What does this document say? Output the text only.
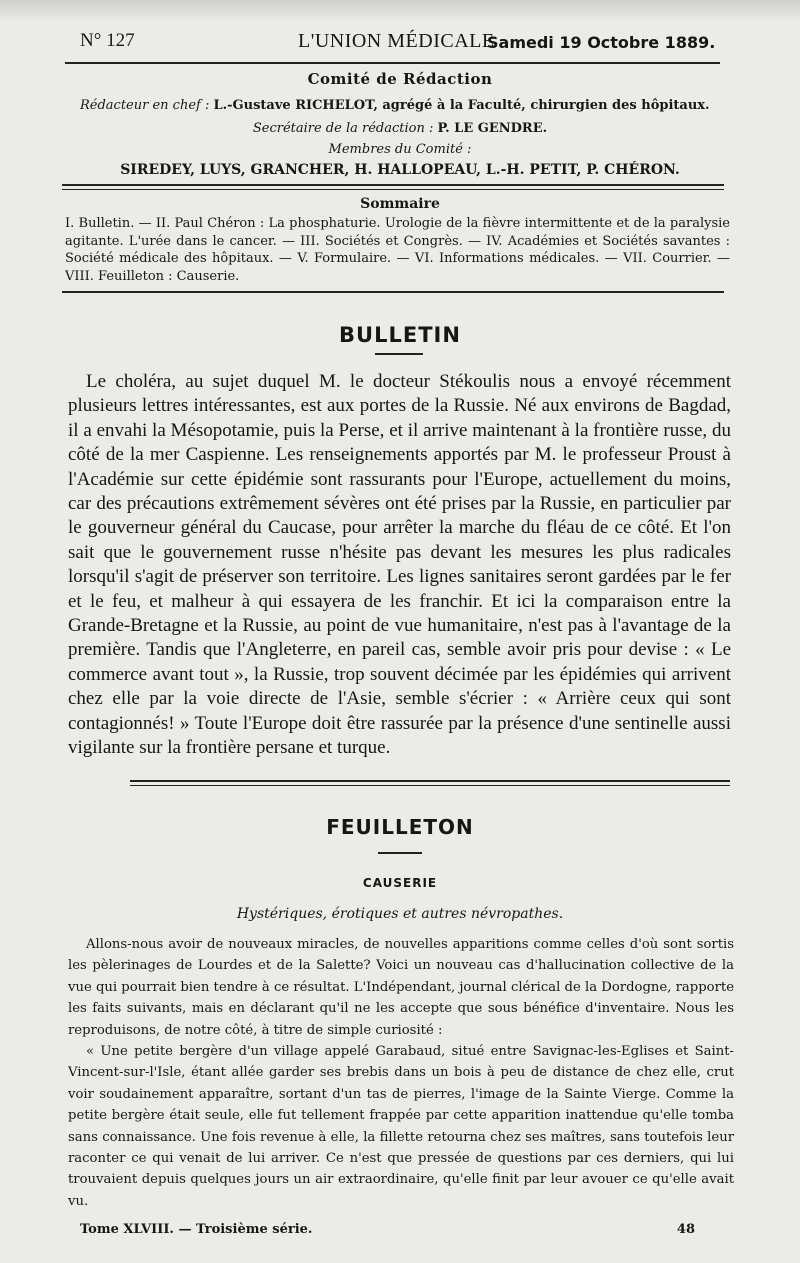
N° 127	L'UNION MÉDICALE
Samedi 19 Octobre 1889.
Comité de Rédaction
Rédacteur en chef : L.-Gustave RICHELOT, agrégé à la Faculté, chirurgien des hôpitaux.
Secrétaire de la rédaction : P. LE GENDRE.
Membres du Comité :
SIREDEY, LUYS, GRANCHER, H. HALLOPEAU, L.-H. PETIT, P. CHÉRON.
Sommaire
I. Bulletin. — II. Paul Chéron : La phosphaturie. Urologie de la fièvre intermittente et de la paralysie agitante. L'urée dans le cancer. — III. Sociétés et Congrès. — IV. Académies et Sociétés savantes : Société médicale des hôpitaux. — V. Formulaire. — VI. Informations médicales. — VII. Courrier. — VIII. Feuilleton : Causerie.
BULLETIN
Le choléra, au sujet duquel M. le docteur Stékoulis nous a envoyé récemment plusieurs lettres intéressantes, est aux portes de la Russie. Né aux environs de Bagdad, il a envahi la Mésopotamie, puis la Perse, et il arrive maintenant à la frontière russe, du côté de la mer Caspienne. Les renseignements apportés par M. le professeur Proust à l'Académie sur cette épidémie sont rassurants pour l'Europe, actuellement du moins, car des précautions extrêmement sévères ont été prises par la Russie, en particulier par le gouverneur général du Caucase, pour arrêter la marche du fléau de ce côté. Et l'on sait que le gouvernement russe n'hésite pas devant les mesures les plus radicales lorsqu'il s'agit de préserver son territoire. Les lignes sanitaires seront gardées par le fer et le feu, et malheur à qui essayera de les franchir. Et ici la comparaison entre la Grande-Bretagne et la Russie, au point de vue humanitaire, n'est pas à l'avantage de la première. Tandis que l'Angleterre, en pareil cas, semble avoir pris pour devise : « Le commerce avant tout », la Russie, trop souvent décimée par les épidémies qui arrivent chez elle par la voie directe de l'Asie, semble s'écrier : « Arrière ceux qui sont contagionnés! » Toute l'Europe doit être rassurée par la présence d'une sentinelle aussi vigilante sur la frontière persane et turque.
FEUILLETON
CAUSERIE
Hystériques, érotiques et autres névropathes.

Allons-nous avoir de nouveaux miracles, de nouvelles apparitions comme celles d'où sont sortis les pèlerinages de Lourdes et de la Salette? Voici un nouveau cas d'hallucination collective de la vue qui pourrait bien tendre à ce résultat. L'Indépendant, journal clérical de la Dordogne, rapporte les faits suivants, mais en déclarant qu'il ne les accepte que sous bénéfice d'inventaire. Nous les reproduisons, de notre côté, à titre de simple curiosité :

« Une petite bergère d'un village appelé Garabaud, situé entre Savignac-les-Eglises et Saint-Vincent-sur-l'Isle, étant allée garder ses brebis dans un bois à peu de distance de chez elle, crut voir soudainement apparaître, sortant d'un tas de pierres, l'image de la Sainte Vierge. Comme la petite bergère était seule, elle fut tellement frappée par cette apparition inattendue qu'elle tomba sans connaissance. Une fois revenue à elle, la fillette retourna chez ses maîtres, sans toutefois leur raconter ce qui venait de lui arriver. Ce n'est que pressée de questions par ces derniers, qui lui trouvaient depuis quelques jours un air extraordinaire, qu'elle finit par leur avouer ce qu'elle avait vu.

Tome XLVIII. — Troisième série.	48
